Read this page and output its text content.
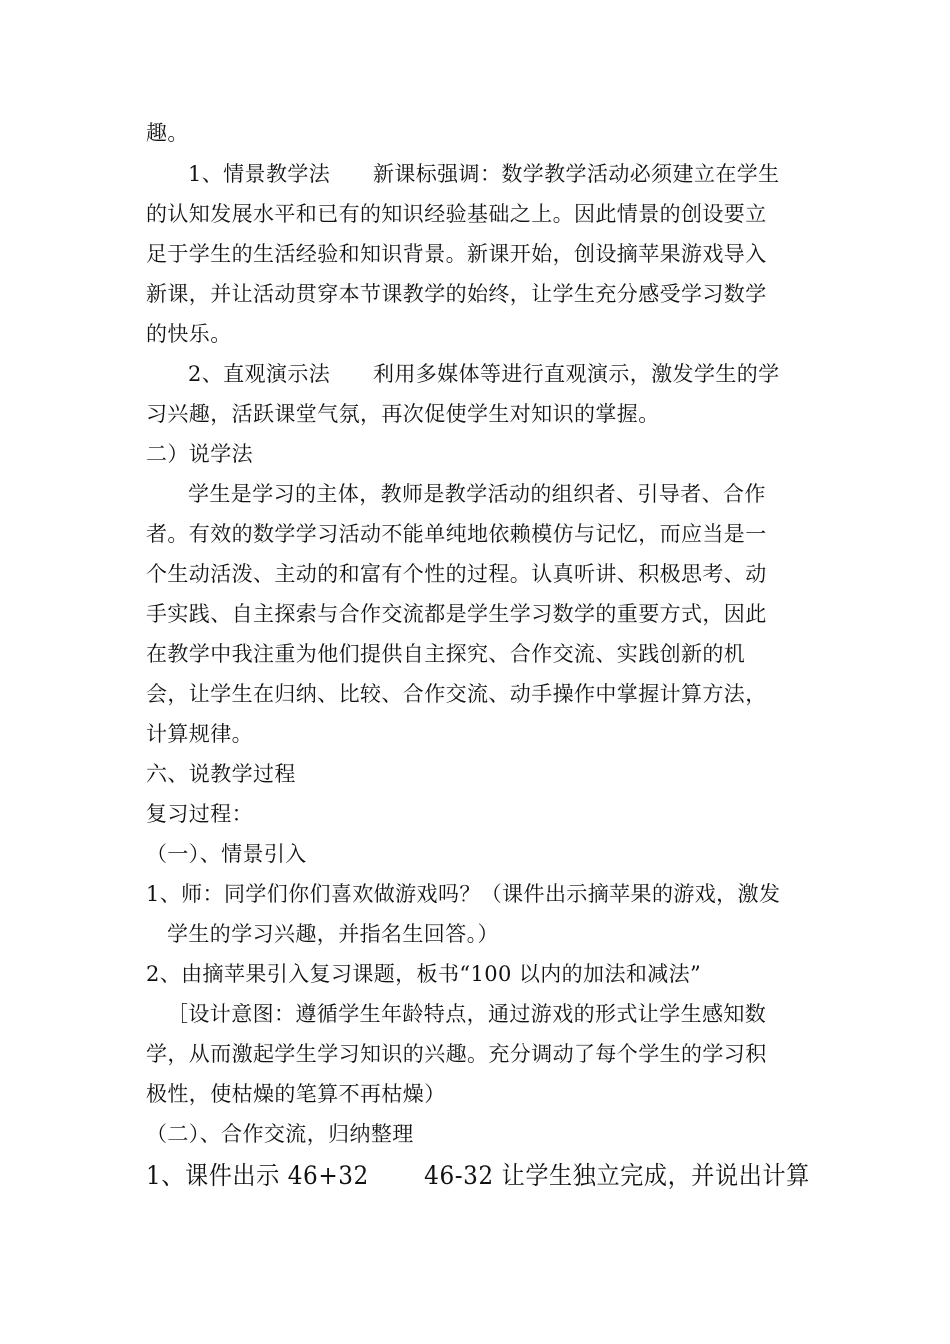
趣。
1、情景教学法　　新课标强调：数学教学活动必须建立在学生
的认知发展水平和已有的知识经验基础之上。因此情景的创设要立
足于学生的生活经验和知识背景。新课开始，创设摘苹果游戏导入
新课，并让活动贯穿本节课教学的始终，让学生充分感受学习数学
的快乐。
2、直观演示法　　利用多媒体等进行直观演示，激发学生的学
习兴趣，活跃课堂气氛，再次促使学生对知识的掌握。
二）说学法
学生是学习的主体，教师是教学活动的组织者、引导者、合作
者。有效的数学学习活动不能单纯地依赖模仿与记忆，而应当是一
个生动活泼、主动的和富有个性的过程。认真听讲、积极思考、动
手实践、自主探索与合作交流都是学生学习数学的重要方式，因此
在教学中我注重为他们提供自主探究、合作交流、实践创新的机
会，让学生在归纳、比较、合作交流、动手操作中掌握计算方法，
计算规律。
六、说教学过程
复习过程：
（一）、情景引入
1、师：同学们你们喜欢做游戏吗？（课件出示摘苹果的游戏，激发
学生的学习兴趣，并指名生回答。）
2、由摘苹果引入复习课题，板书“100 以内的加法和减法”
［设计意图：遵循学生年龄特点，通过游戏的形式让学生感知数
学，从而激起学生学习知识的兴趣。充分调动了每个学生的学习积
极性，使枯燥的笔算不再枯燥）
（二）、合作交流，归纳整理
1、课件出示 46+32　　 46-32 让学生独立完成，并说出计算
